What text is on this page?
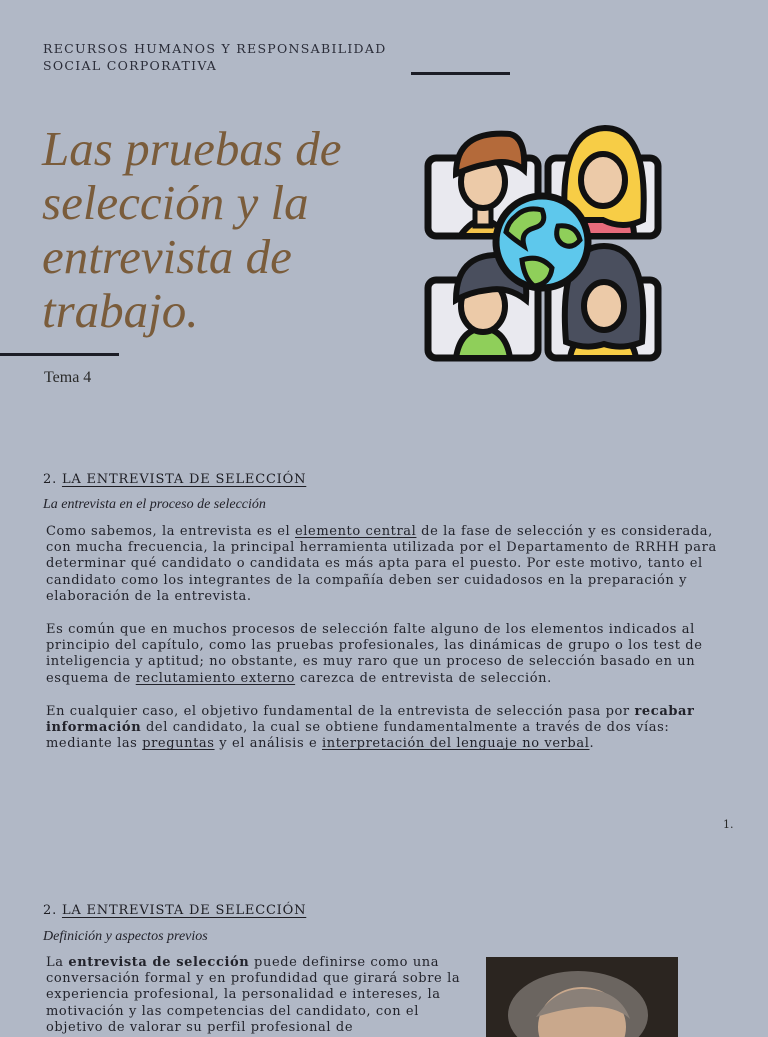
RECURSOS HUMANOS Y RESPONSABILIDAD
SOCIAL CORPORATIVA
Las pruebas de
selección y la
entrevista de
trabajo.
Tema 4
2. LA ENTREVISTA DE SELECCIÓN
La entrevista en el proceso de selección

Como sabemos, la entrevista es el elemento central de la fase de selección y es considerada, con mucha frecuencia, la principal herramienta utilizada por el Departamento de RRHH para determinar qué candidato o candidata es más apta para el puesto. Por este motivo, tanto el candidato como los integrantes de la compañía deben ser cuidadosos en la preparación y elaboración de la entrevista.

Es común que en muchos procesos de selección falte alguno de los elementos indicados al principio del capítulo, como las pruebas profesionales, las dinámicas de grupo o los test de inteligencia y aptitud; no obstante, es muy raro que un proceso de selección basado en un esquema de reclutamiento externo carezca de entrevista de selección.

En cualquier caso, el objetivo fundamental de la entrevista de selección pasa por recabar información del candidato, la cual se obtiene fundamentalmente a través de dos vías: mediante las preguntas y el análisis e interpretación del lenguaje no verbal.

1.
2. LA ENTREVISTA DE SELECCIÓN
Definición y aspectos previos

La entrevista de selección puede definirse como una conversación formal y en profundidad que girará sobre la experiencia profesional, la personalidad e intereses, la motivación y las competencias del candidato, con el objetivo de valorar su perfil profesional de
